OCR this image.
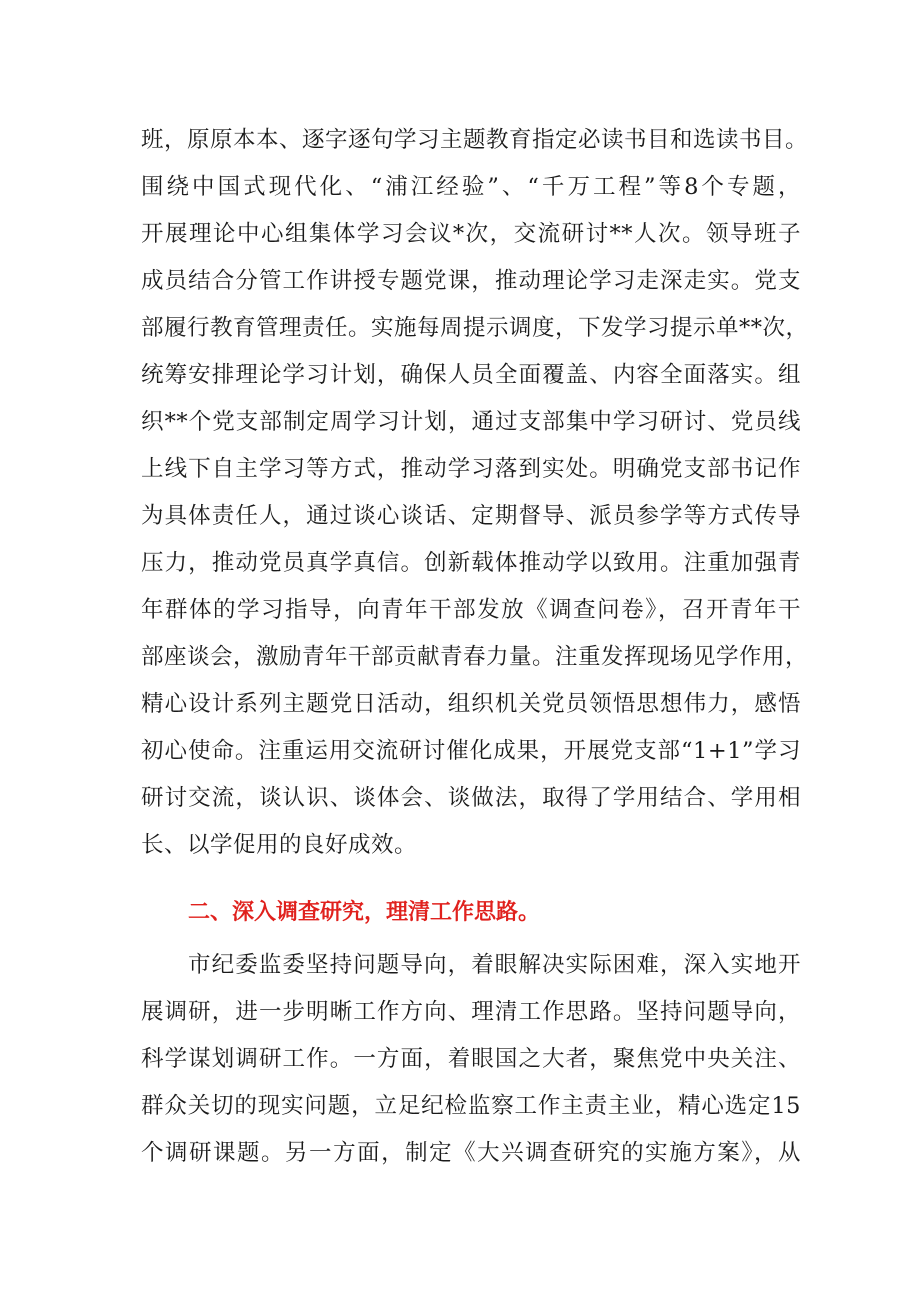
班，原原本本、逐字逐句学习主题教育指定必读书目和选读书目。
围绕中国式现代化、“浦江经验”、“千万工程”等8个专题，
开展理论中心组集体学习会议*次，交流研讨**人次。领导班子
成员结合分管工作讲授专题党课，推动理论学习走深走实。党支
部履行教育管理责任。实施每周提示调度，下发学习提示单**次，
统筹安排理论学习计划，确保人员全面覆盖、内容全面落实。组
织**个党支部制定周学习计划，通过支部集中学习研讨、党员线
上线下自主学习等方式，推动学习落到实处。明确党支部书记作
为具体责任人，通过谈心谈话、定期督导、派员参学等方式传导
压力，推动党员真学真信。创新载体推动学以致用。注重加强青
年群体的学习指导，向青年干部发放《调查问卷》，召开青年干
部座谈会，激励青年干部贡献青春力量。注重发挥现场见学作用，
精心设计系列主题党日活动，组织机关党员领悟思想伟力，感悟
初心使命。注重运用交流研讨催化成果，开展党支部“1+1”学习
研讨交流，谈认识、谈体会、谈做法，取得了学用结合、学用相
长、以学促用的良好成效。
二、深入调查研究，理清工作思路。
市纪委监委坚持问题导向，着眼解决实际困难，深入实地开
展调研，进一步明晰工作方向、理清工作思路。坚持问题导向，
科学谋划调研工作。一方面，着眼国之大者，聚焦党中央关注、
群众关切的现实问题，立足纪检监察工作主责主业，精心选定15
个调研课题。另一方面，制定《大兴调查研究的实施方案》，从
